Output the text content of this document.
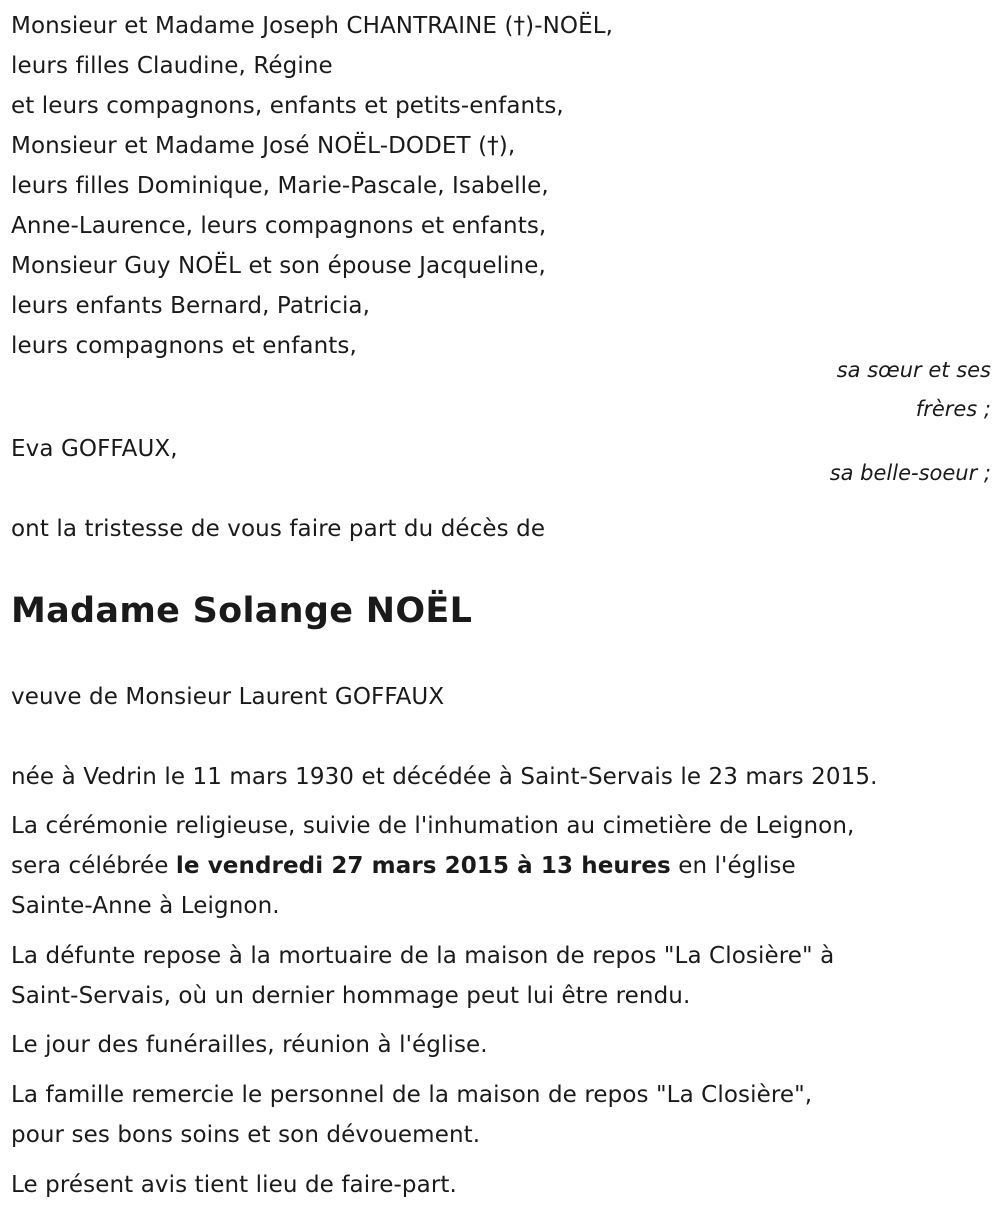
Monsieur et Madame Joseph CHANTRAINE (†)-NOËL,
leurs filles Claudine, Régine
et leurs compagnons, enfants et petits-enfants,
Monsieur et Madame José NOËL-DODET (†),
leurs filles Dominique, Marie-Pascale, Isabelle,
Anne-Laurence, leurs compagnons et enfants,
Monsieur Guy NOËL et son épouse Jacqueline,
leurs enfants Bernard, Patricia,
leurs compagnons et enfants,
sa sœur et ses
frères ;
Eva GOFFAUX,
sa belle-soeur ;
ont la tristesse de vous faire part du décès de
Madame Solange NOËL
veuve de Monsieur Laurent GOFFAUX
née à Vedrin le 11 mars 1930 et décédée à Saint-Servais le 23 mars 2015.
La cérémonie religieuse, suivie de l'inhumation au cimetière de Leignon,
sera célébrée le vendredi 27 mars 2015 à 13 heures en l'église
Sainte-Anne à Leignon.
La défunte repose à la mortuaire de la maison de repos "La Closière" à
Saint-Servais, où un dernier hommage peut lui être rendu.
Le jour des funérailles, réunion à l'église.
La famille remercie le personnel de la maison de repos "La Closière",
pour ses bons soins et son dévouement.
Le présent avis tient lieu de faire-part.
